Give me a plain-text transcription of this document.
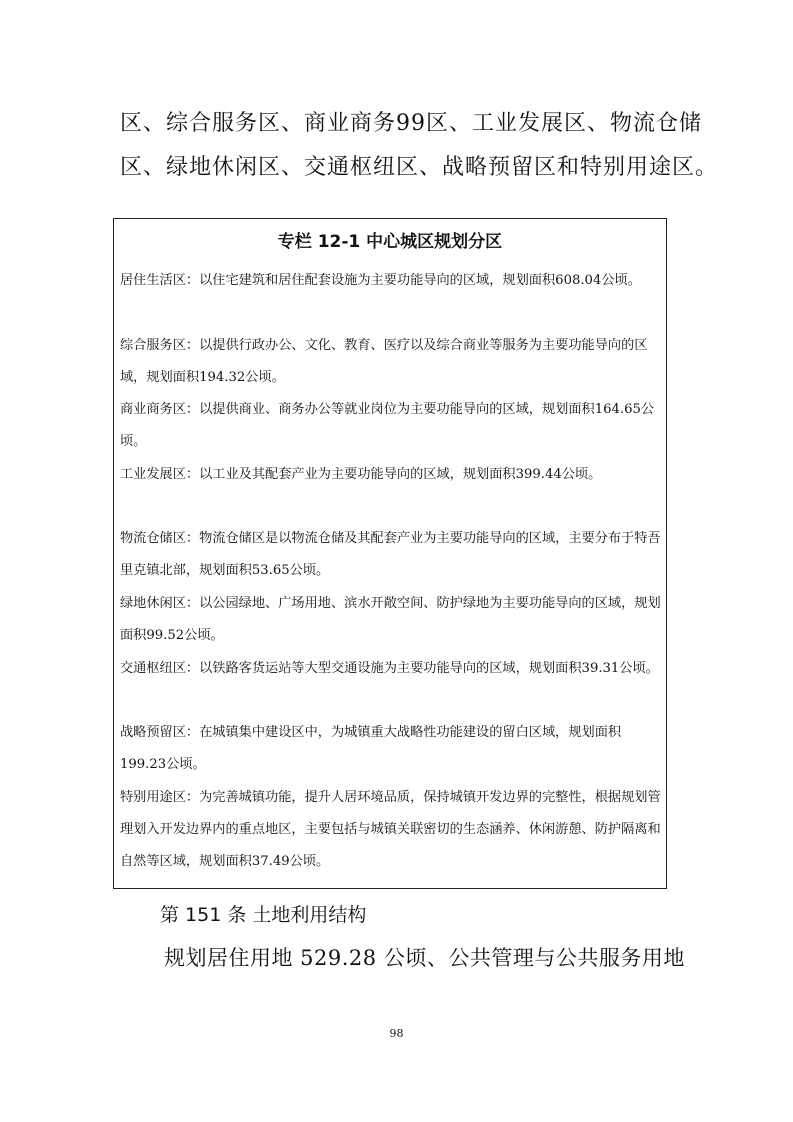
区、综合服务区、商业商务99区、工业发展区、物流仓储

区、绿地休闲区、交通枢纽区、战略预留区和特别用途区。

专栏 12-1 中心城区规划分区

居住生活区：以住宅建筑和居住配套设施为主要功能导向的区域，规划面积608.04公顷。

综合服务区：以提供行政办公、文化、教育、医疗以及综合商业等服务为主要功能导向的区域，规划面积194.32公顷。

商业商务区：以提供商业、商务办公等就业岗位为主要功能导向的区域，规划面积164.65公顷。

工业发展区：以工业及其配套产业为主要功能导向的区域，规划面积399.44公顷。

物流仓储区：物流仓储区是以物流仓储及其配套产业为主要功能导向的区域，主要分布于特吾里克镇北部，规划面积53.65公顷。

绿地休闲区：以公园绿地、广场用地、滨水开敞空间、防护绿地为主要功能导向的区域，规划面积99.52公顷。

交通枢纽区：以铁路客货运站等大型交通设施为主要功能导向的区域，规划面积39.31公顷。

战略预留区：在城镇集中建设区中，为城镇重大战略性功能建设的留白区域，规划面积199.23公顷。

特别用途区：为完善城镇功能，提升人居环境品质，保持城镇开发边界的完整性，根据规划管理划入开发边界内的重点地区，主要包括与城镇关联密切的生态涵养、休闲游憩、防护隔离和自然等区域，规划面积37.49公顷。

第 151 条 土地利用结构

规划居住用地 529.28 公顷、公共管理与公共服务用地

98
